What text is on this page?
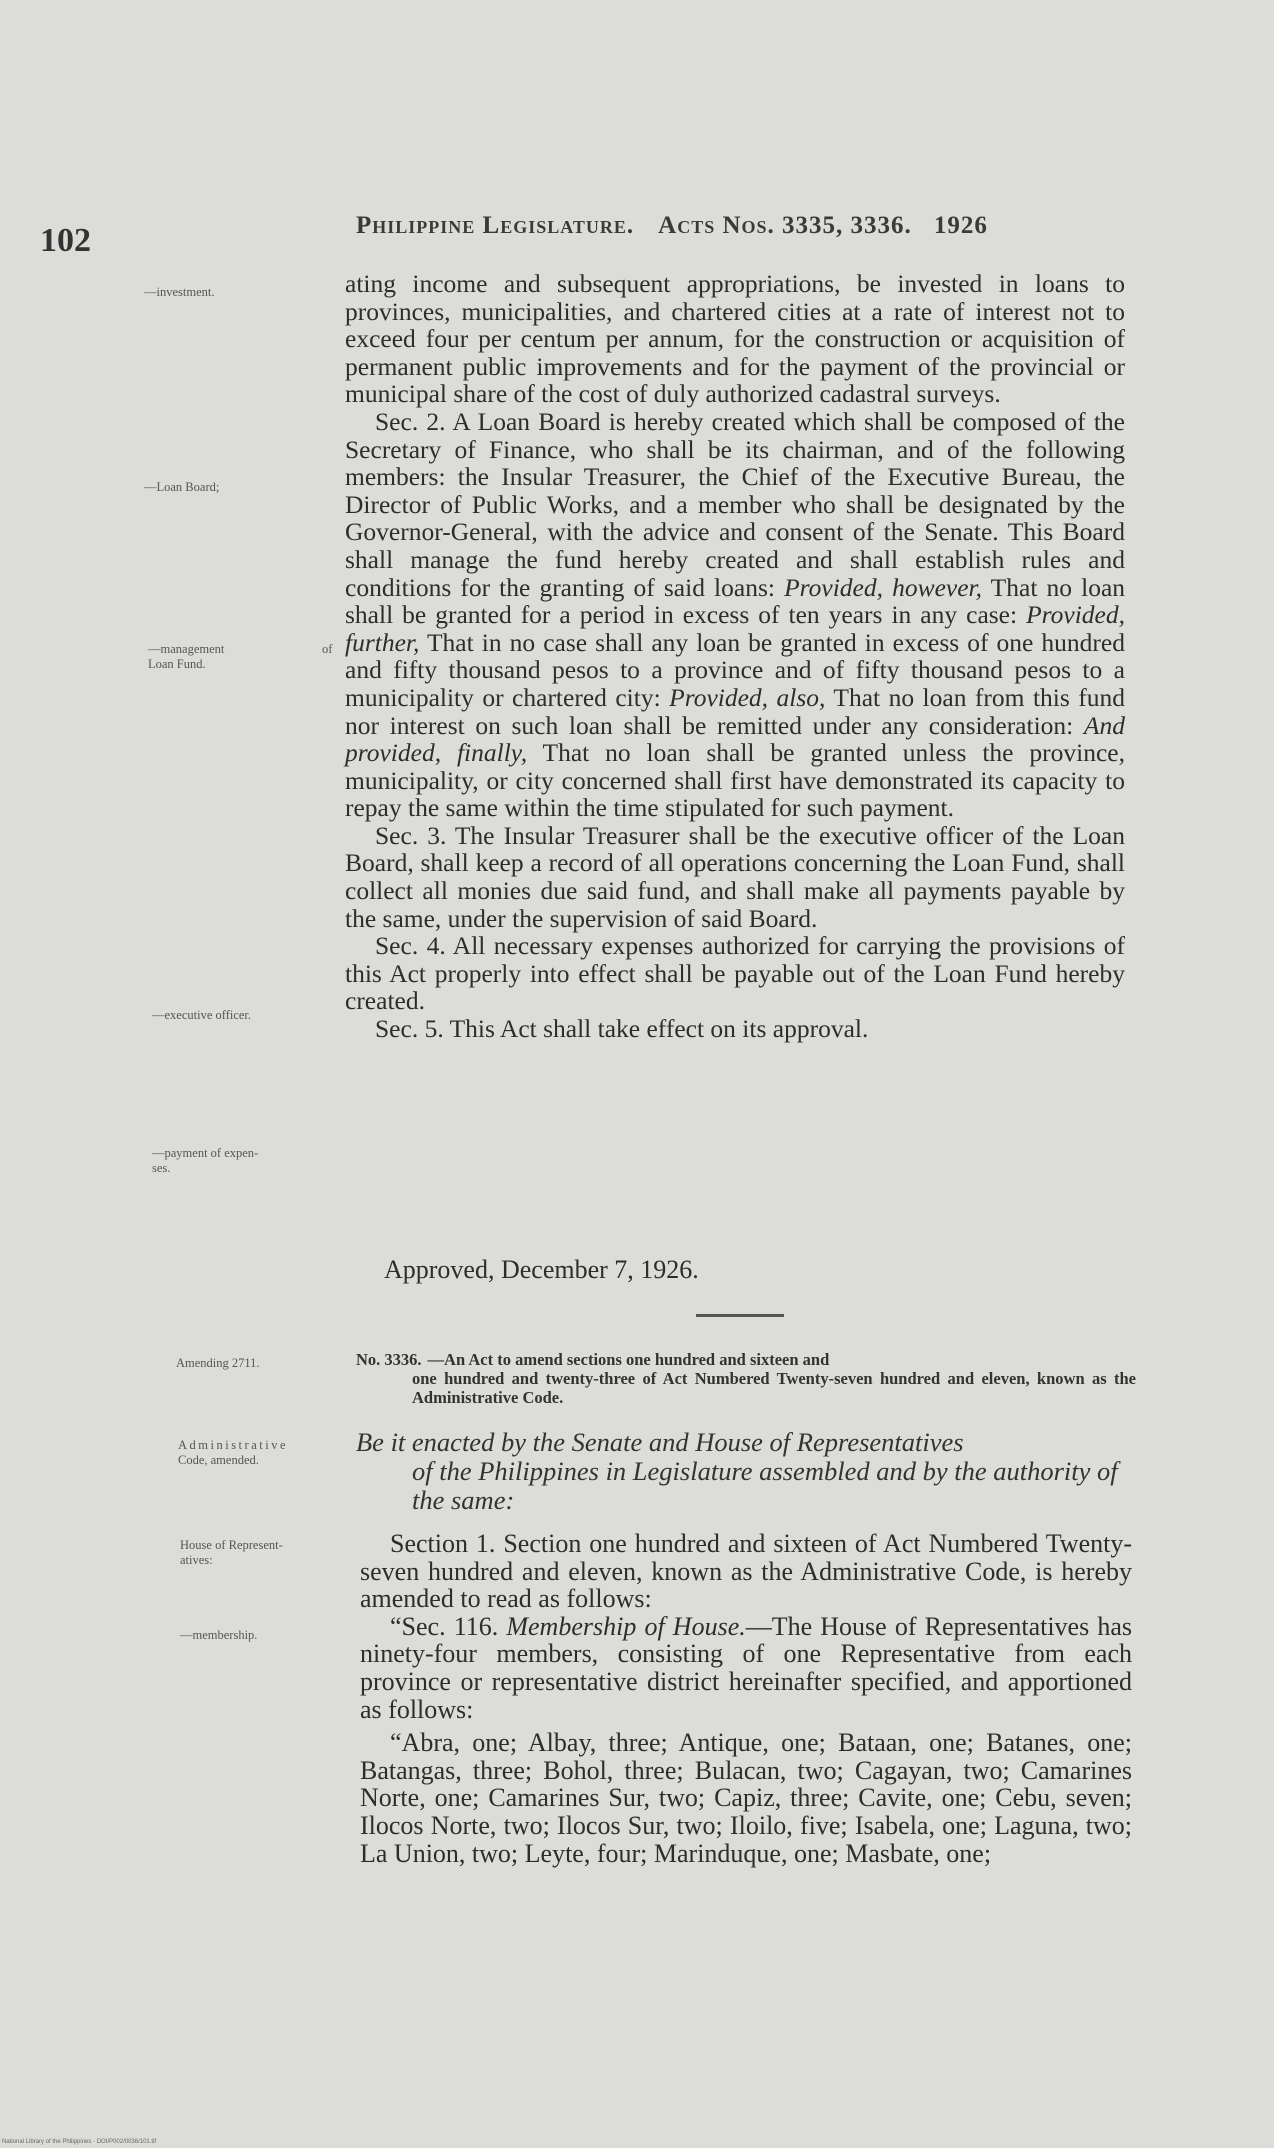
102	Philippine Legislature. Acts Nos. 3335, 3336. 1926
—investment.
—Loan Board;
—management	of
Loan Fund.
—executive officer.
—payment of expen-
ses.
Amending 2711.
Administrative
Code, amended.
House of Represent-
atives:
—membership.

ating income and subsequent appropriations, be invested in loans to provinces, municipalities, and chartered cities at a rate of interest not to exceed four per centum per annum, for the construction or acquisition of permanent public improvements and for the payment of the provincial or municipal share of the cost of duly authorized cadastral surveys.

Sec. 2. A Loan Board is hereby created which shall be composed of the Secretary of Finance, who shall be its chairman, and of the following members: the Insular Treasurer, the Chief of the Executive Bureau, the Director of Public Works, and a member who shall be designated by the Governor-General, with the advice and consent of the Senate. This Board shall manage the fund hereby created and shall establish rules and conditions for the granting of said loans: Provided, however, That no loan shall be granted for a period in excess of ten years in any case: Provided, further, That in no case shall any loan be granted in excess of one hundred and fifty thousand pesos to a province and of fifty thousand pesos to a municipality or chartered city: Provided, also, That no loan from this fund nor interest on such loan shall be remitted under any consideration: And provided, finally, That no loan shall be granted unless the province, municipality, or city concerned shall first have demonstrated its capacity to repay the same within the time stipulated for such payment.

Sec. 3. The Insular Treasurer shall be the executive officer of the Loan Board, shall keep a record of all operations concerning the Loan Fund, shall collect all monies due said fund, and shall make all payments payable by the same, under the supervision of said Board.

Sec. 4. All necessary expenses authorized for carrying the provisions of this Act properly into effect shall be payable out of the Loan Fund hereby created.

Sec. 5. This Act shall take effect on its approval.

Approved, December 7, 1926.
No. 3336. —An Act to amend sections one hundred and sixteen and
one hundred and twenty-three of Act Numbered Twenty-seven hundred and eleven, known as the Administrative Code.
Be it enacted by the Senate and House of Representatives
of the Philippines in Legislature assembled and by the authority of the same:

Section 1. Section one hundred and sixteen of Act Numbered Twenty-seven hundred and eleven, known as the Administrative Code, is hereby amended to read as follows:

“Sec. 116. Membership of House.—The House of Representatives has ninety-four members, consisting of one Representative from each province or representative district hereinafter specified, and apportioned as follows:

“Abra, one; Albay, three; Antique, one; Bataan, one; Batanes, one; Batangas, three; Bohol, three; Bulacan, two; Cagayan, two; Camarines Norte, one; Camarines Sur, two; Capiz, three; Cavite, one; Cebu, seven; Ilocos Norte, two; Ilocos Sur, two; Iloilo, five; Isabela, one; Laguna, two; La Union, two; Leyte, four; Marinduque, one; Masbate, one;

National Library of the Philippines · DOI/P002/0036/101.tif
